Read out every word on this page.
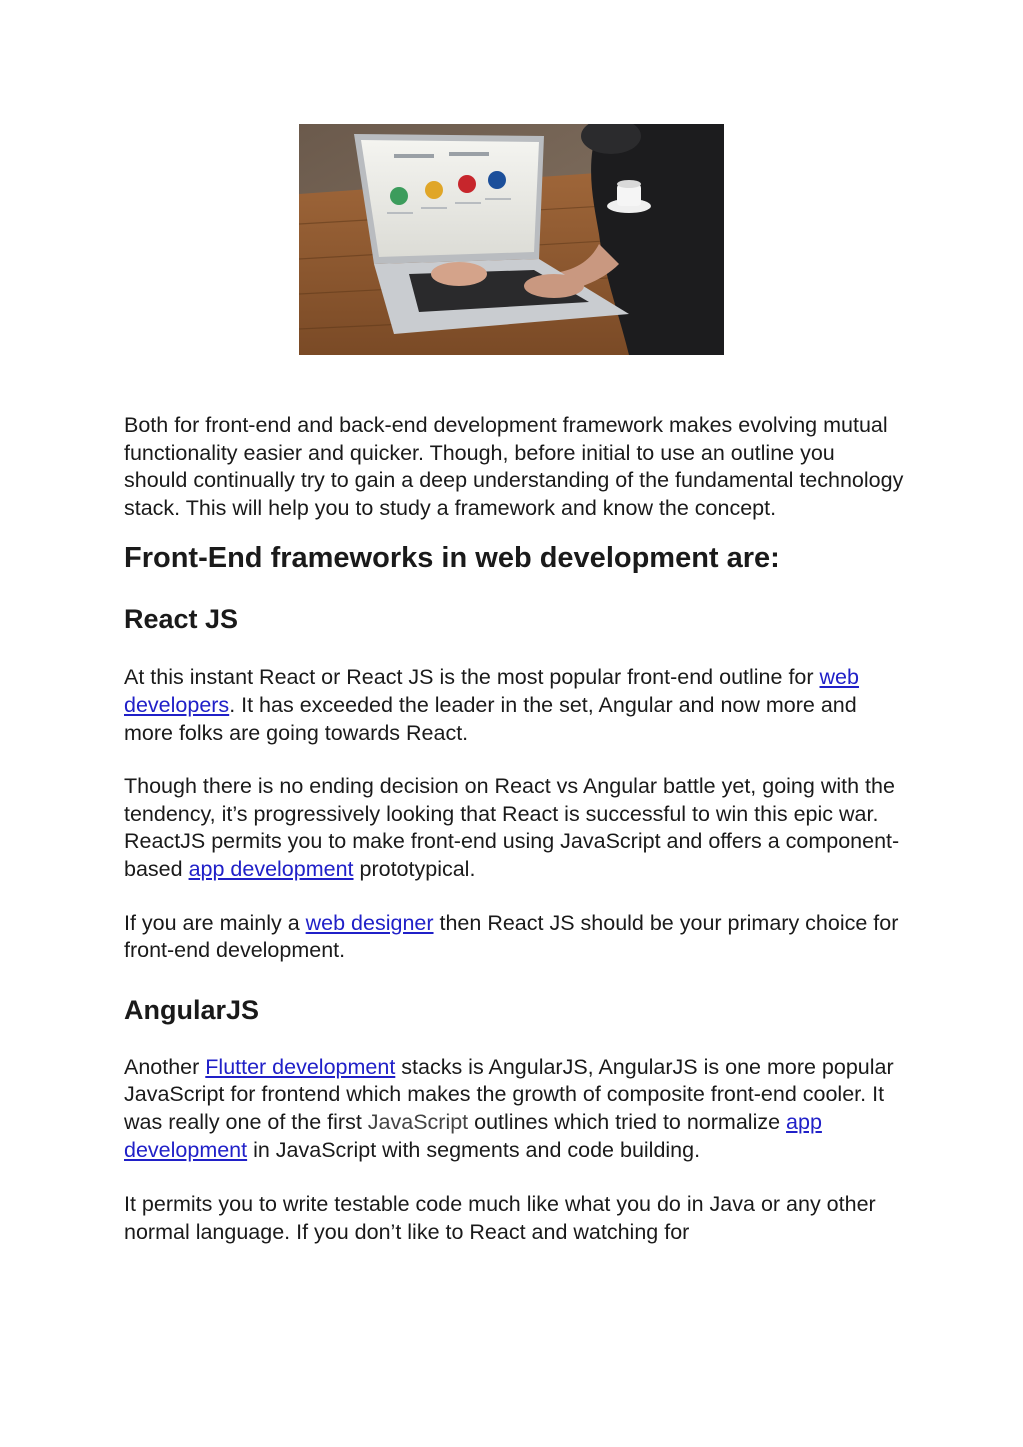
Both for front-end and back-end development framework makes evolving mutual functionality easier and quicker. Though, before initial to use an outline you should continually try to gain a deep understanding of the fundamental technology stack. This will help you to study a framework and know the concept.

Front-End frameworks in web development are:
React JS

At this instant React or React JS is the most popular front-end outline for web developers. It has exceeded the leader in the set, Angular and now more and more folks are going towards React.

Though there is no ending decision on React vs Angular battle yet, going with the tendency, it’s progressively looking that React is successful to win this epic war. ReactJS permits you to make front-end using JavaScript and offers a component-based app development prototypical.

If you are mainly a web designer then React JS should be your primary choice for front-end development.

AngularJS

Another Flutter development stacks is AngularJS, AngularJS is one more popular JavaScript for frontend which makes the growth of composite front-end cooler. It was really one of the first JavaScript outlines which tried to normalize app development in JavaScript with segments and code building.

It permits you to write testable code much like what you do in Java or any other normal language. If you don’t like to React and watching for
